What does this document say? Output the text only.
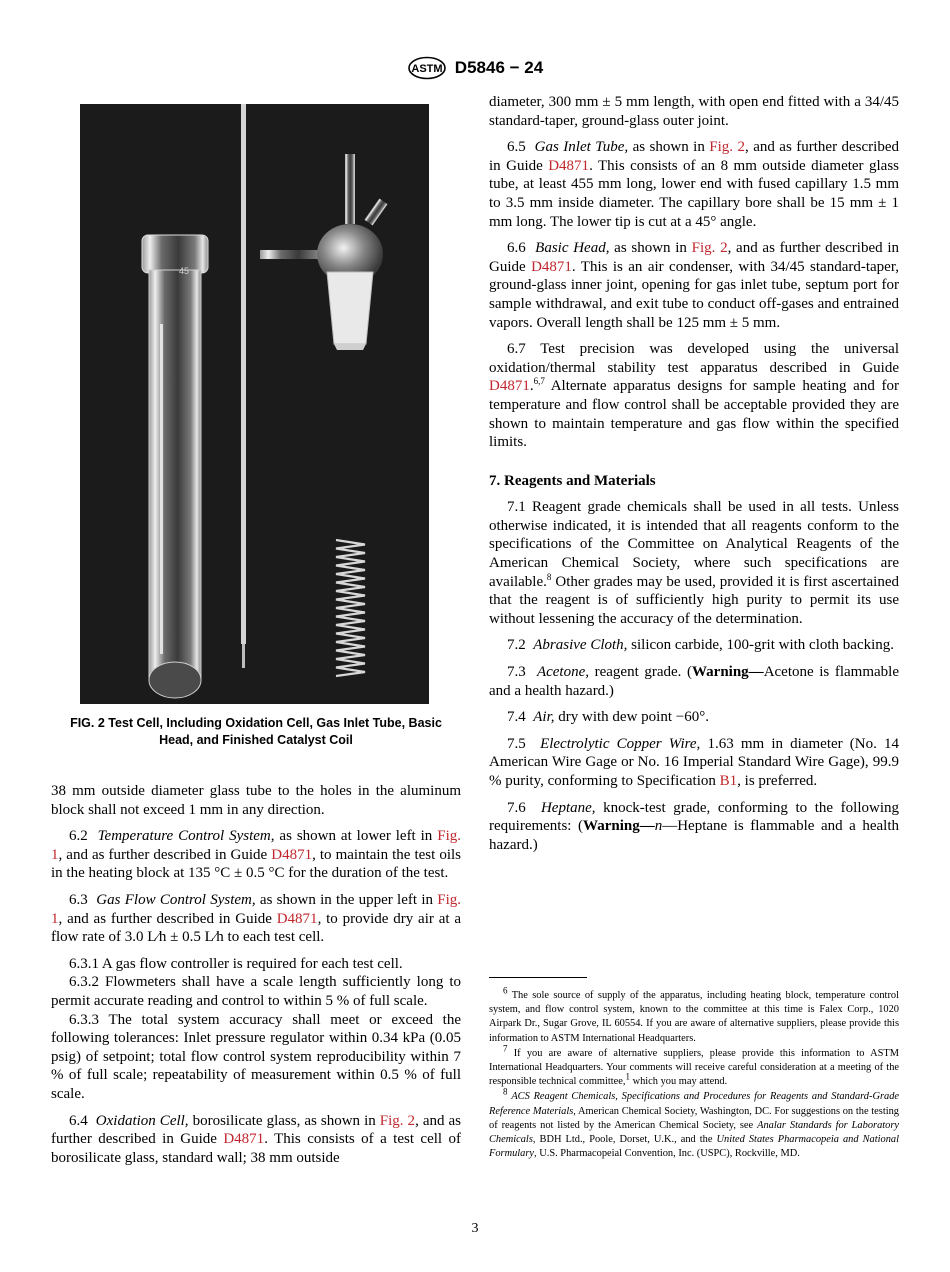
ASTM D5846 − 24
45
FIG. 2 Test Cell, Including Oxidation Cell, Gas Inlet Tube, Basic
Head, and Finished Catalyst Coil

38 mm outside diameter glass tube to the holes in the aluminum block shall not exceed 1 mm in any direction.

6.2 Temperature Control System, as shown at lower left in Fig. 1, and as further described in Guide D4871, to maintain the test oils in the heating block at 135 °C ± 0.5 °C for the duration of the test.

6.3 Gas Flow Control System, as shown in the upper left in Fig. 1, and as further described in Guide D4871, to provide dry air at a flow rate of 3.0 L⁄h ± 0.5 L⁄h to each test cell.

6.3.1 A gas flow controller is required for each test cell.

6.3.2 Flowmeters shall have a scale length sufficiently long to permit accurate reading and control to within 5 % of full scale.

6.3.3 The total system accuracy shall meet or exceed the following tolerances: Inlet pressure regulator within 0.34 kPa (0.05 psig) of setpoint; total flow control system reproducibility within 7 % of full scale; repeatability of measurement within 0.5 % of full scale.

6.4 Oxidation Cell, borosilicate glass, as shown in Fig. 2, and as further described in Guide D4871. This consists of a test cell of borosilicate glass, standard wall; 38 mm outside

diameter, 300 mm ± 5 mm length, with open end fitted with a 34/45 standard-taper, ground-glass outer joint.

6.5 Gas Inlet Tube, as shown in Fig. 2, and as further described in Guide D4871. This consists of an 8 mm outside diameter glass tube, at least 455 mm long, lower end with fused capillary 1.5 mm to 3.5 mm inside diameter. The capillary bore shall be 15 mm ± 1 mm long. The lower tip is cut at a 45° angle.

6.6 Basic Head, as shown in Fig. 2, and as further described in Guide D4871. This is an air condenser, with 34/45 standard-taper, ground-glass inner joint, opening for gas inlet tube, septum port for sample withdrawal, and exit tube to conduct off-gases and entrained vapors. Overall length shall be 125 mm ± 5 mm.

6.7 Test precision was developed using the universal oxidation/thermal stability test apparatus described in Guide D4871.$^{6,7}$ Alternate apparatus designs for sample heating and for temperature and flow control shall be acceptable provided they are shown to maintain temperature and gas flow within the specified limits.

7. Reagents and Materials

7.1 Reagent grade chemicals shall be used in all tests. Unless otherwise indicated, it is intended that all reagents conform to the specifications of the Committee on Analytical Reagents of the American Chemical Society, where such specifications are available.$^8$ Other grades may be used, provided it is first ascertained that the reagent is of sufficiently high purity to permit its use without lessening the accuracy of the determination.

7.2 Abrasive Cloth, silicon carbide, 100-grit with cloth backing.

7.3 Acetone, reagent grade. (Warning—Acetone is flammable and a health hazard.)

7.4 Air, dry with dew point −60°.

7.5 Electrolytic Copper Wire, 1.63 mm in diameter (No. 14 American Wire Gage or No. 16 Imperial Standard Wire Gage), 99.9 % purity, conforming to Specification B1, is preferred.

7.6 Heptane, knock-test grade, conforming to the following requirements: (Warning—n—Heptane is flammable and a health hazard.)

$^6$ The sole source of supply of the apparatus, including heating block, temperature control system, and flow control system, known to the committee at this time is Falex Corp., 1020 Airpark Dr., Sugar Grove, IL 60554. If you are aware of alternative suppliers, please provide this information to ASTM International Headquarters.

$^7$ If you are aware of alternative suppliers, please provide this information to ASTM International Headquarters. Your comments will receive careful consideration at a meeting of the responsible technical committee,$^1$ which you may attend.

$^8$ ACS Reagent Chemicals, Specifications and Procedures for Reagents and Standard-Grade Reference Materials, American Chemical Society, Washington, DC. For suggestions on the testing of reagents not listed by the American Chemical Society, see Analar Standards for Laboratory Chemicals, BDH Ltd., Poole, Dorset, U.K., and the United States Pharmacopeia and National Formulary, U.S. Pharmacopeial Convention, Inc. (USPC), Rockville, MD.

3
